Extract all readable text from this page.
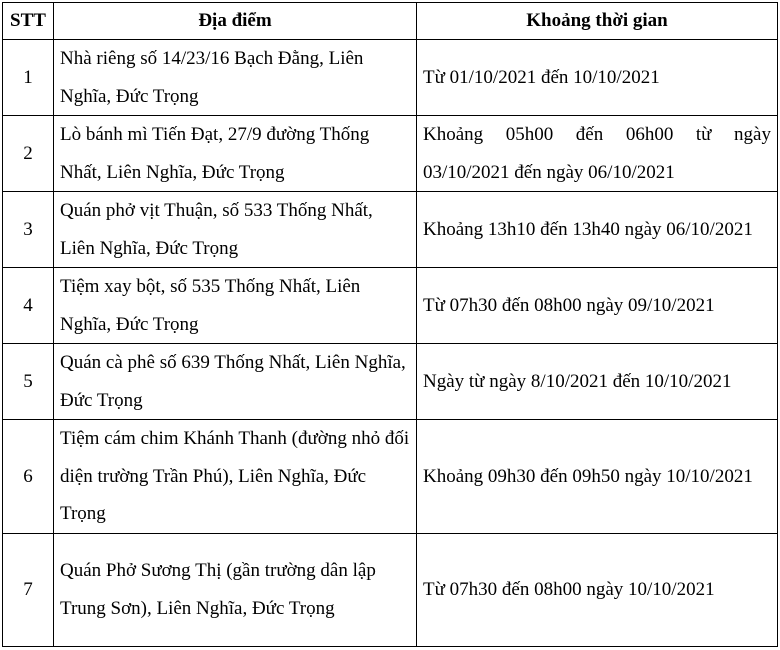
STT	Địa điểm	Khoảng thời gian
1	Nhà riêng số 14/23/16 Bạch Đằng, Liên Nghĩa, Đức Trọng	Từ 01/10/2021 đến 10/10/2021
2	Lò bánh mì Tiến Đạt, 27/9 đường Thống Nhất, Liên Nghĩa, Đức Trọng	Khoảng 05h00 đến 06h00 từ ngày 03/10/2021 đến ngày 06/10/2021
3	Quán phở vịt Thuận, số 533 Thống Nhất, Liên Nghĩa, Đức Trọng	Khoảng 13h10 đến 13h40 ngày 06/10/2021
4	Tiệm xay bột, số 535 Thống Nhất, Liên Nghĩa, Đức Trọng	Từ 07h30 đến 08h00 ngày 09/10/2021
5	Quán cà phê số 639 Thống Nhất, Liên Nghĩa, Đức Trọng	Ngày từ ngày 8/10/2021 đến 10/10/2021
6	Tiệm cám chim Khánh Thanh (đường nhỏ đối diện trường Trần Phú), Liên Nghĩa, Đức Trọng	Khoảng 09h30 đến 09h50 ngày 10/10/2021
7	Quán Phở Sương Thị (gần trường dân lập Trung Sơn), Liên Nghĩa, Đức Trọng	Từ 07h30 đến 08h00 ngày 10/10/2021
